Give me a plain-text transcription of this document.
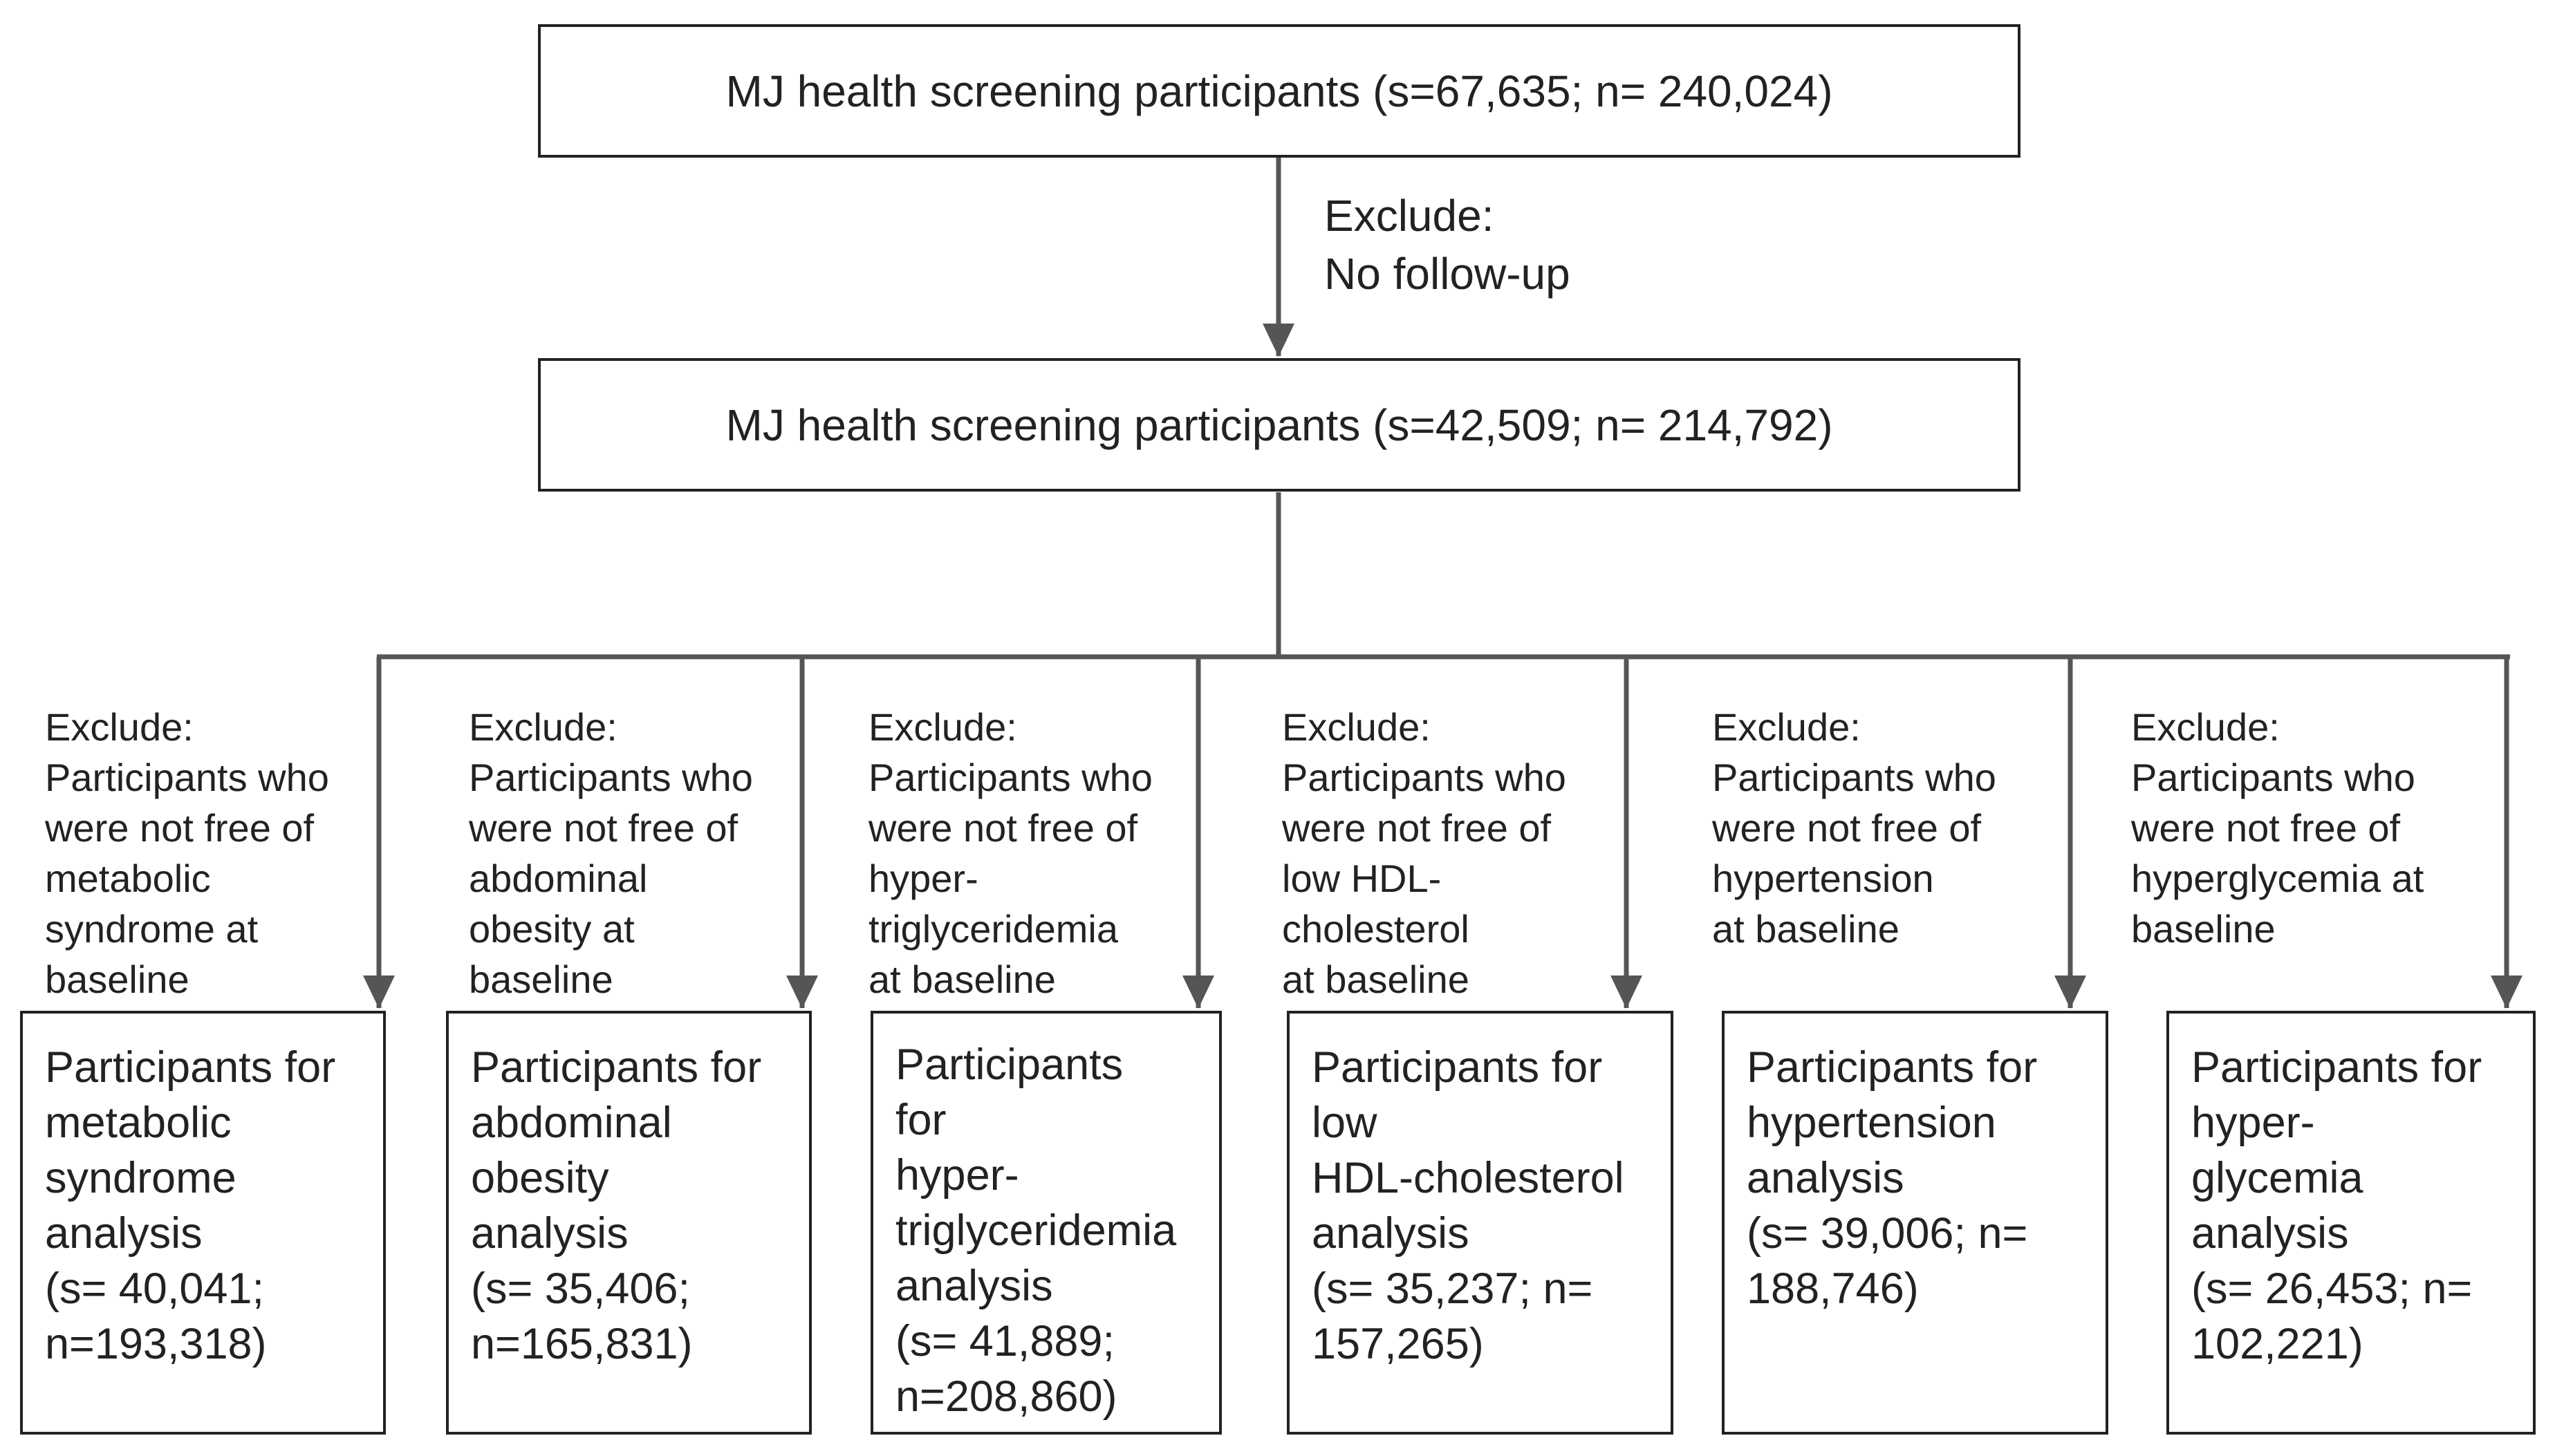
MJ health screening participants (s=67,635; n= 240,024)
Exclude:
No follow-up
MJ health screening participants (s=42,509; n= 214,792)
Exclude:
Participants who
were not free of
metabolic
syndrome at
baseline
Participants for
metabolic
syndrome
analysis
(s= 40,041;
n=193,318)
Exclude:
Participants who
were not free of
abdominal
obesity at
baseline
Participants for
abdominal
obesity
analysis
(s= 35,406;
n=165,831)
Exclude:
Participants who
were not free of
hyper-
triglyceridemia
at baseline
Participants
for
hyper-
triglyceridemia
analysis
(s= 41,889;
n=208,860)
Exclude:
Participants who
were not free of
low HDL-
cholesterol
at baseline
Participants for
low
HDL-cholesterol
analysis
(s= 35,237; n=
157,265)
Exclude:
Participants who
were not free of
hypertension
at baseline
Participants for
hypertension
analysis
(s= 39,006; n=
188,746)
Exclude:
Participants who
were not free of
hyperglycemia at
baseline
Participants for
hyper-
glycemia
analysis
(s= 26,453; n=
102,221)
